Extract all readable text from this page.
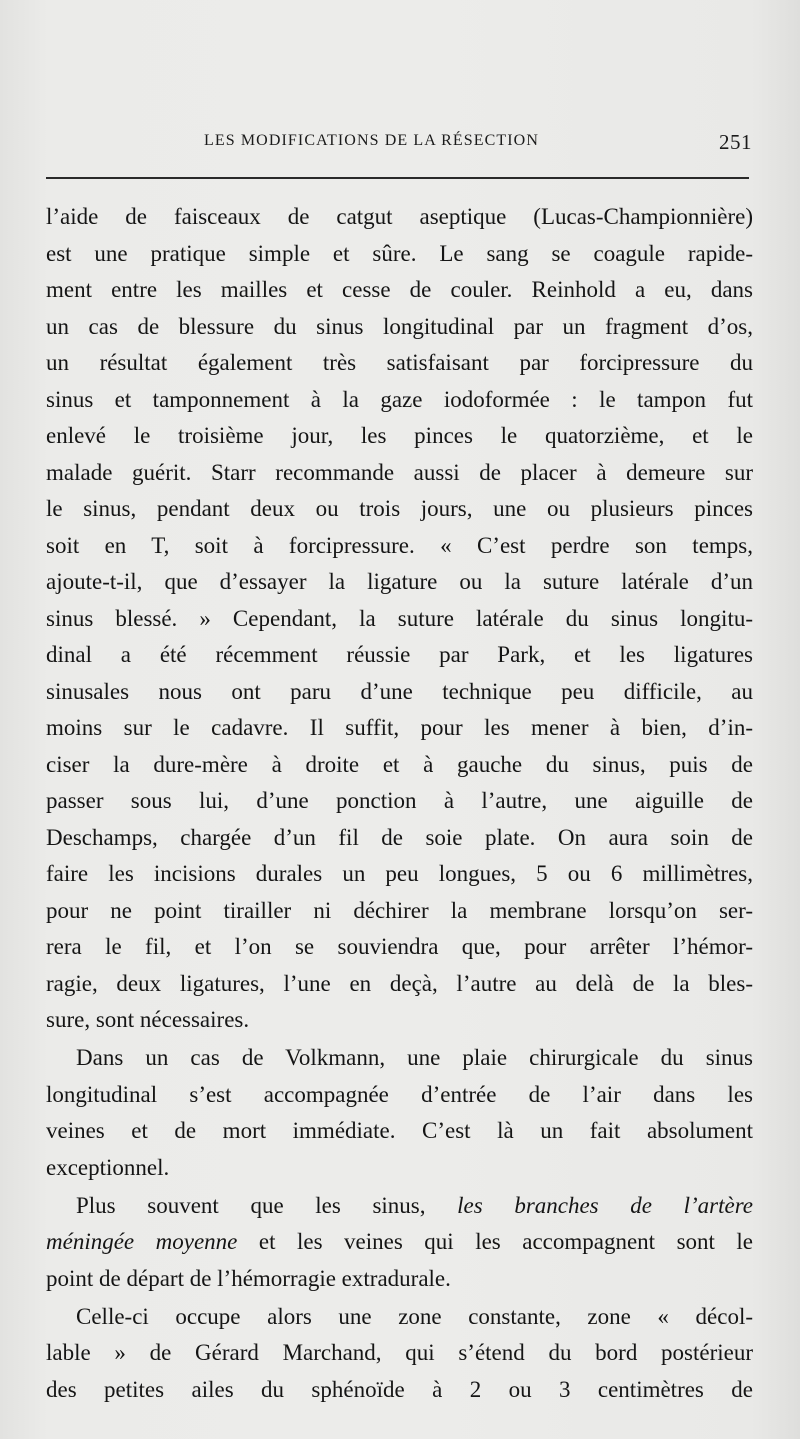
LES MODIFICATIONS DE LA RÉSECTION	251
l’aide de faisceaux de catgut aseptique (Lucas-Championnière)
est une pratique simple et sûre. Le sang se coagule rapide-
ment entre les mailles et cesse de couler. Reinhold a eu, dans
un cas de blessure du sinus longitudinal par un fragment d’os,
un résultat également très satisfaisant par forcipressure du
sinus et tamponnement à la gaze iodoformée : le tampon fut
enlevé le troisième jour, les pinces le quatorzième, et le
malade guérit. Starr recommande aussi de placer à demeure sur
le sinus, pendant deux ou trois jours, une ou plusieurs pinces
soit en T, soit à forcipressure. « C’est perdre son temps,
ajoute-t-il, que d’essayer la ligature ou la suture latérale d’un
sinus blessé. » Cependant, la suture latérale du sinus longitu-
dinal a été récemment réussie par Park, et les ligatures
sinusales nous ont paru d’une technique peu difficile, au
moins sur le cadavre. Il suffit, pour les mener à bien, d’in-
ciser la dure-mère à droite et à gauche du sinus, puis de
passer sous lui, d’une ponction à l’autre, une aiguille de
Deschamps, chargée d’un fil de soie plate. On aura soin de
faire les incisions durales un peu longues, 5 ou 6 millimètres,
pour ne point tirailler ni déchirer la membrane lorsqu’on ser-
rera le fil, et l’on se souviendra que, pour arrêter l’hémor-
ragie, deux ligatures, l’une en deçà, l’autre au delà de la bles-
sure, sont nécessaires.
Dans un cas de Volkmann, une plaie chirurgicale du sinus
longitudinal s’est accompagnée d’entrée de l’air dans les
veines et de mort immédiate. C’est là un fait absolument
exceptionnel.
Plus souvent que les sinus, les branches de l’artère
méningée moyenne et les veines qui les accompagnent sont le
point de départ de l’hémorragie extradurale.
Celle-ci occupe alors une zone constante, zone « décol-
lable » de Gérard Marchand, qui s’étend du bord postérieur
des petites ailes du sphénoïde à 2 ou 3 centimètres de
